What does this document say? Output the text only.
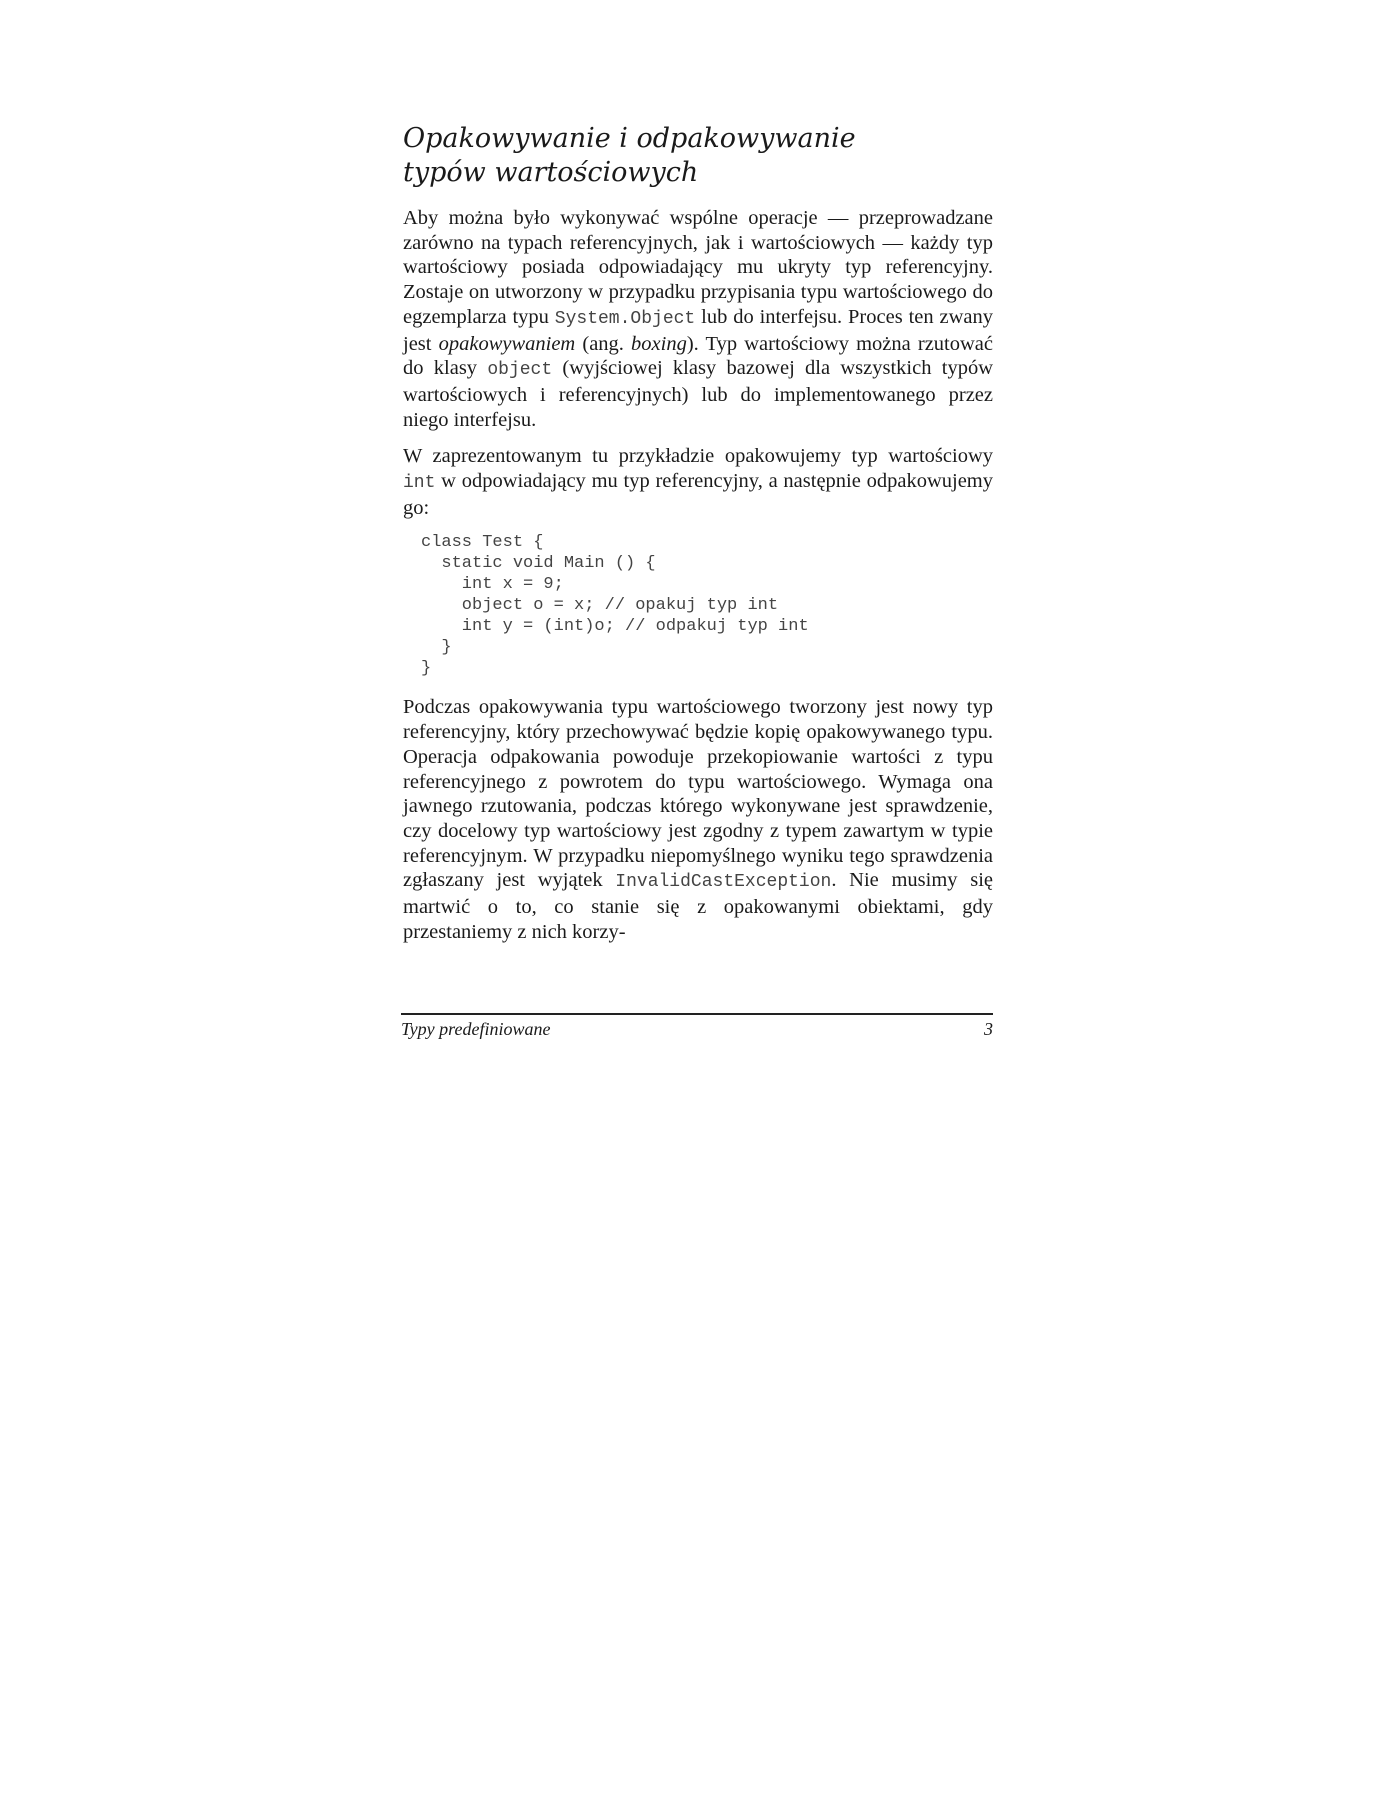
Opakowywanie i odpakowywanie
typów wartościowych

Aby można było wykonywać wspólne operacje — przeprowadzane zarówno na typach referencyjnych, jak i wartościowych — każdy typ wartościowy posiada odpowiadający mu ukryty typ referencyjny. Zostaje on utworzony w przypadku przypisania typu wartościowego do egzemplarza typu System.Object lub do interfejsu. Proces ten zwany jest opakowywaniem (ang. boxing). Typ wartościowy można rzutować do klasy object (wyjściowej klasy bazowej dla wszystkich typów wartościowych i referencyjnych) lub do implementowanego przez niego interfejsu.

W zaprezentowanym tu przykładzie opakowujemy typ wartościowy int w odpowiadający mu typ referencyjny, a następnie odpakowujemy go:

class Test {
static void Main () {
int x = 9;
object o = x; // opakuj typ int
int y = (int)o; // odpakuj typ int
}
}

Podczas opakowywania typu wartościowego tworzony jest nowy typ referencyjny, który przechowywać będzie kopię opakowywanego typu. Operacja odpakowania powoduje przekopiowanie wartości z typu referencyjnego z powrotem do typu wartościowego. Wymaga ona jawnego rzutowania, podczas którego wykonywane jest sprawdzenie, czy docelowy typ wartościowy jest zgodny z typem zawartym w typie referencyjnym. W przypadku niepomyślnego wyniku tego sprawdzenia zgłaszany jest wyjątek InvalidCastException. Nie musimy się martwić o to, co stanie się z opakowanymi obiektami, gdy przestaniemy z nich korzy-

Typy predefiniowane	3
